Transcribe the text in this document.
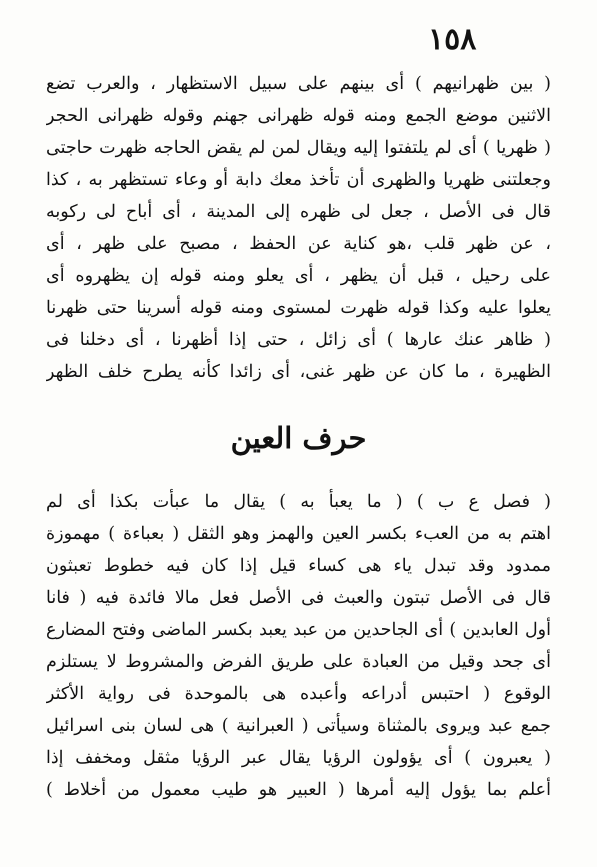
١٥٨
( بين ظهرانيهم ) أى بينهم على سبيل الاستظهار ، والعرب تضع
الاثنين موضع الجمع ومنه قوله ظهرانى جهنم وقوله ظهرانى الحجر
( ظهريا ) أى لم يلتفتوا إليه ويقال لمن لم يقض الحاجه ظهرت حاجتى
وجعلتنى ظهريا والظهرى أن تأخذ معك دابة أو وعاء تستظهر به ، كذا
قال فى الأصل ، جعل لى ظهره إلى المدينة ، أى أباح لى ركوبه
، عن ظهر قلب ،هو كناية عن الحفظ ، مصبح على ظهر ، أى
على رحيل ، قبل أن يظهر ، أى يعلو ومنه قوله إن يظهروه أى
يعلوا عليه وكذا قوله ظهرت لمستوى ومنه قوله أسرينا حتى ظهرنا
( ظاهر عنك عارها ) أى زائل ، حتى إذا أظهرنا ، أى دخلنا فى
الظهيرة ، ما كان عن ظهر غنى، أى زائدا كأنه يطرح خلف الظهر
حرف العين
( فصل ع ب ) ( ما يعبأ به ) يقال ما عبأت بكذا أى لم
اهتم به من العبء بكسر العين والهمز وهو الثقل ( بعباءة ) مهموزة
ممدود وقد تبدل ياء هى كساء قيل إذا كان فيه خطوط تعبثون
قال فى الأصل تبتون والعبث فى الأصل فعل مالا فائدة فيه ( فانا
أول العابدين ) أى الجاحدين من عبد يعبد بكسر الماضى وفتح المضارع
أى جحد وقيل من العبادة على طريق الفرض والمشروط لا يستلزم
الوقوع ( احتبس أدراعه وأعبده هى بالموحدة فى رواية الأكثر
جمع عبد ويروى بالمثناة وسيأتى ( العبرانية ) هى لسان بنى اسرائيل
( يعبرون ) أى يؤولون الرؤيا يقال عبر الرؤيا مثقل ومخفف إذا
أعلم بما يؤول إليه أمرها ( العبير هو طيب معمول من أخلاط )
